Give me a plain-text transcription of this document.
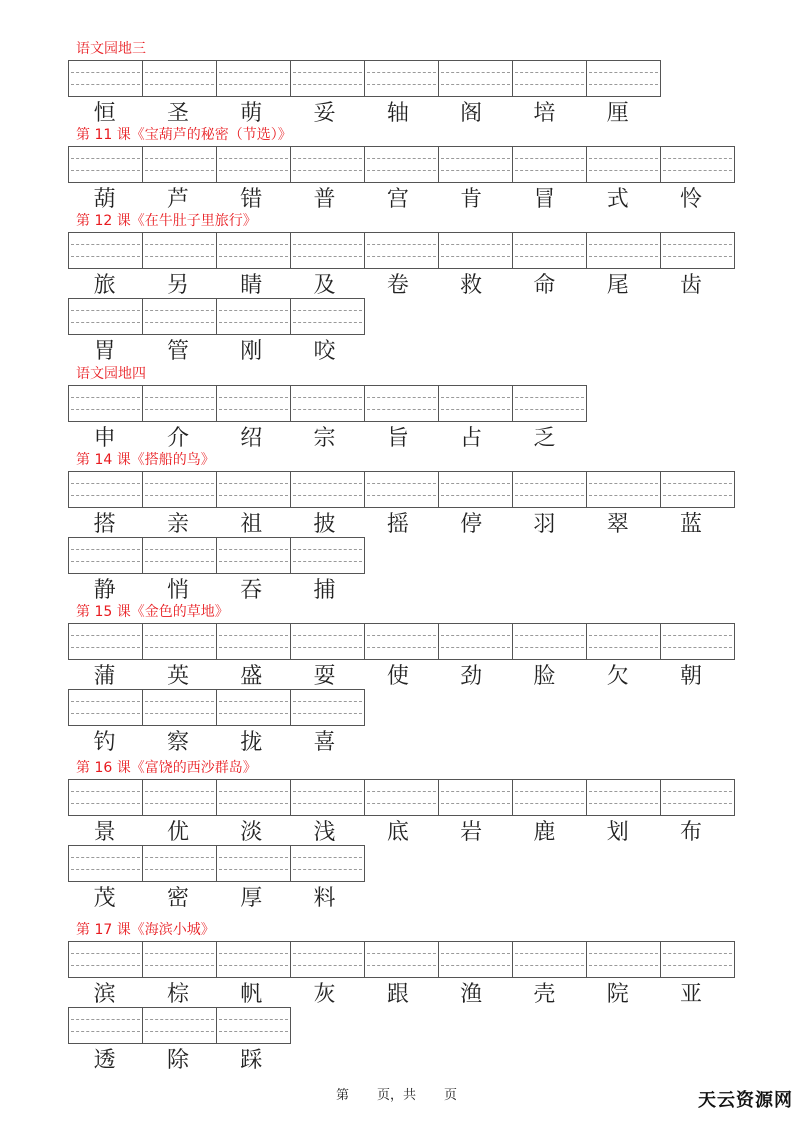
语文园地三
恒	圣	萌	妥	轴	阁	培	厘
第 11 课《宝葫芦的秘密（节选）》
葫	芦	错	普	宫	肯	冒	式	怜
第 12 课《在牛肚子里旅行》
旅	另	睛	及	卷	救	命	尾	齿
胃	管	刚	咬
语文园地四
申	介	绍	宗	旨	占	乏
第 14 课《搭船的鸟》
搭	亲	祖	披	摇	停	羽	翠	蓝
静	悄	吞	捕
第 15 课《金色的草地》
蒲	英	盛	耍	使	劲	脸	欠	朝
钓	察	拢	喜
第 16 课《富饶的西沙群岛》
景	优	淡	浅	底	岩	鹿	划	布
茂	密	厚	料
第 17 课《海滨小城》
滨	棕	帆	灰	跟	渔	壳	院	亚
透	除	踩
第 页，共 页	天云资源网
